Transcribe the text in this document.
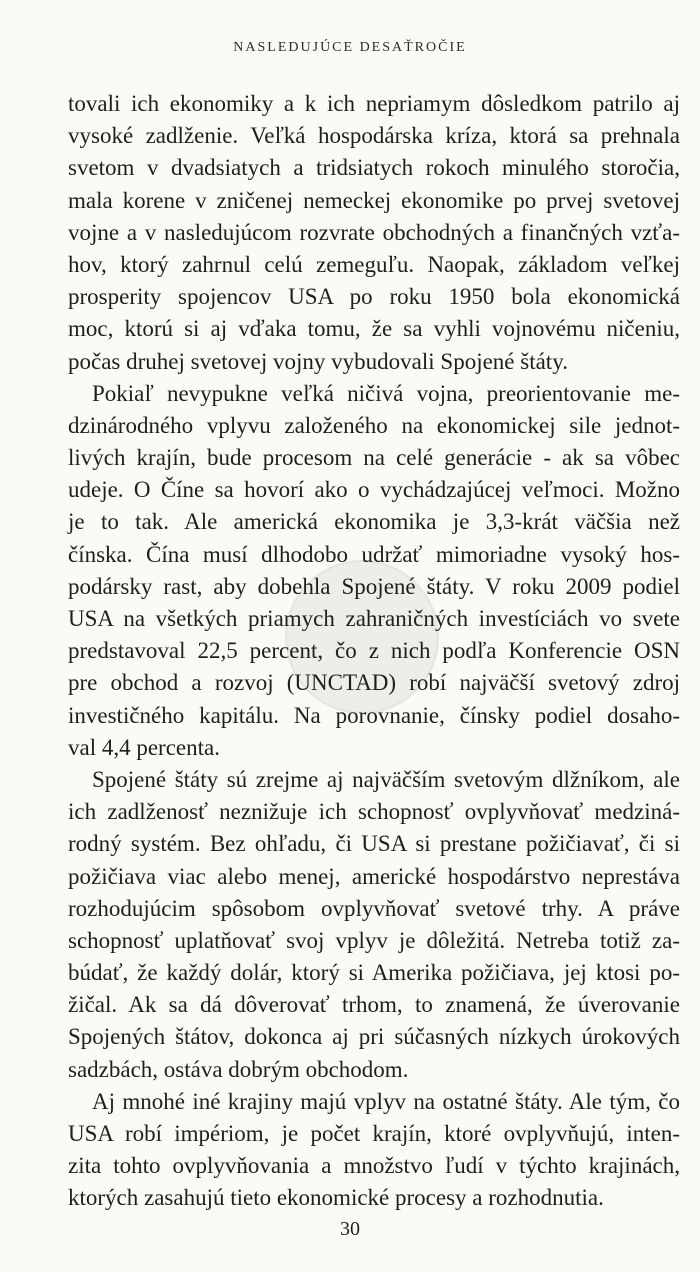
NASLEDUJÚCE DESAŤROČIE
tovali ich ekonomiky a k ich nepriamym dôsledkom patrilo aj
vysoké zadlženie. Veľká hospodárska kríza, ktorá sa prehnala
svetom v dvadsiatych a tridsiatych rokoch minulého storočia,
mala korene v zničenej nemeckej ekonomike po prvej svetovej
vojne a v nasledujúcom rozvrate obchodných a finančných vzťa-
hov, ktorý zahrnul celú zemeguľu. Naopak, základom veľkej
prosperity spojencov USA po roku 1950 bola ekonomická
moc, ktorú si aj vďaka tomu, že sa vyhli vojnovému ničeniu,
počas druhej svetovej vojny vybudovali Spojené štáty.
Pokiaľ nevypukne veľká ničivá vojna, preorientovanie me-
dzinárodného vplyvu založeného na ekonomickej sile jednot-
livých krajín, bude procesom na celé generácie - ak sa vôbec
udeje. O Číne sa hovorí ako o vychádzajúcej veľmoci. Možno
je to tak. Ale americká ekonomika je 3,3-krát väčšia než
čínska. Čína musí dlhodobo udržať mimoriadne vysoký hos-
podársky rast, aby dobehla Spojené štáty. V roku 2009 podiel
USA na všetkých priamych zahraničných investíciách vo svete
predstavoval 22,5 percent, čo z nich podľa Konferencie OSN
pre obchod a rozvoj (UNCTAD) robí najväčší svetový zdroj
investičného kapitálu. Na porovnanie, čínsky podiel dosaho-
val 4,4 percenta.
Spojené štáty sú zrejme aj najväčším svetovým dlžníkom, ale
ich zadlženosť neznižuje ich schopnosť ovplyvňovať medziná-
rodný systém. Bez ohľadu, či USA si prestane požičiavať, či si
požičiava viac alebo menej, americké hospodárstvo neprestáva
rozhodujúcim spôsobom ovplyvňovať svetové trhy. A práve
schopnosť uplatňovať svoj vplyv je dôležitá. Netreba totiž za-
búdať, že každý dolár, ktorý si Amerika požičiava, jej ktosi po-
žičal. Ak sa dá dôverovať trhom, to znamená, že úverovanie
Spojených štátov, dokonca aj pri súčasných nízkych úrokových
sadzbách, ostáva dobrým obchodom.
Aj mnohé iné krajiny majú vplyv na ostatné štáty. Ale tým, čo
USA robí impériom, je počet krajín, ktoré ovplyvňujú, inten-
zita tohto ovplyvňovania a množstvo ľudí v týchto krajinách,
ktorých zasahujú tieto ekonomické procesy a rozhodnutia.
30
